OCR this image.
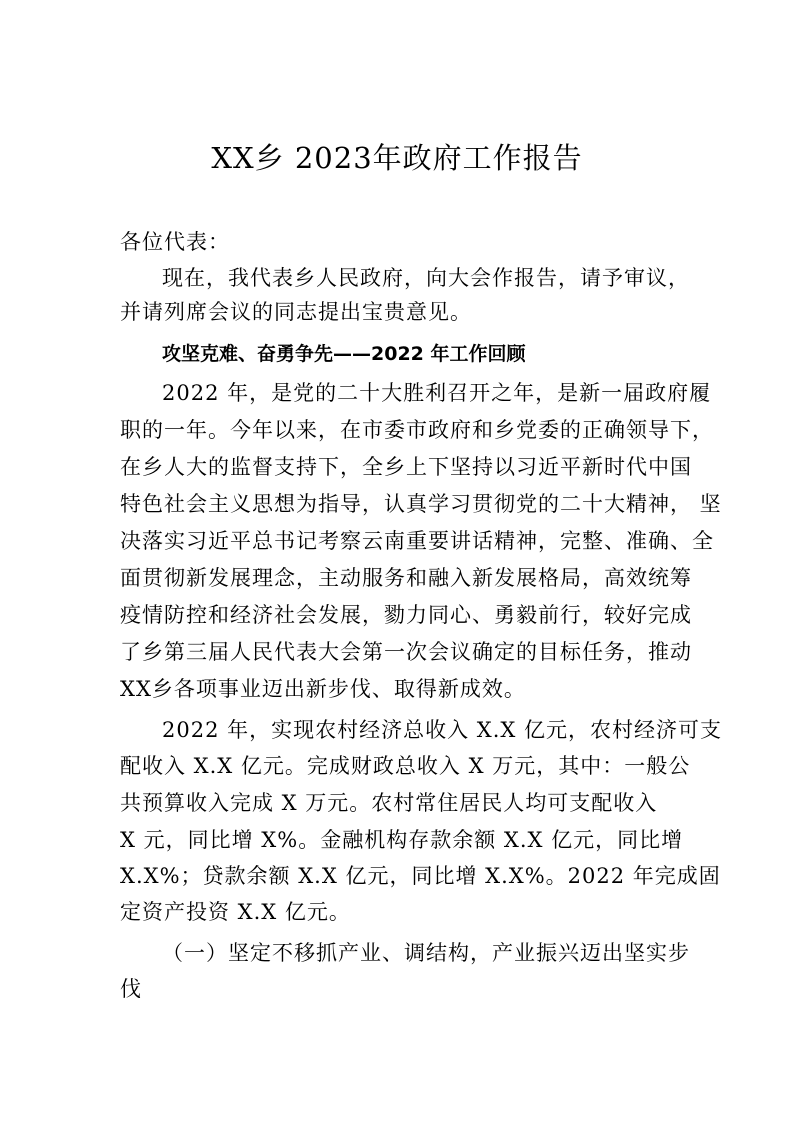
XX乡 2023年政府工作报告
各位代表：
现在，我代表乡人民政府，向大会作报告，请予审议，
并请列席会议的同志提出宝贵意见。
攻坚克难、奋勇争先——2022 年工作回顾
2022 年，是党的二十大胜利召开之年，是新一届政府履
职的一年。今年以来，在市委市政府和乡党委的正确领导下，
在乡人大的监督支持下，全乡上下坚持以习近平新时代中国
特色社会主义思想为指导，认真学习贯彻党的二十大精神， 坚
决落实习近平总书记考察云南重要讲话精神，完整、准确、全
面贯彻新发展理念，主动服务和融入新发展格局，高效统筹
疫情防控和经济社会发展，勠力同心、勇毅前行，较好完成
了乡第三届人民代表大会第一次会议确定的目标任务，推动
XX乡各项事业迈出新步伐、取得新成效。
2022 年，实现农村经济总收入 X.X 亿元，农村经济可支
配收入 X.X 亿元。完成财政总收入 X 万元，其中：一般公
共预算收入完成 X 万元。农村常住居民人均可支配收入
X 元，同比增 X%。金融机构存款余额 X.X 亿元，同比增
X.X%；贷款余额 X.X 亿元，同比增 X.X%。2022 年完成固
定资产投资 X.X 亿元。
（一）坚定不移抓产业、调结构，产业振兴迈出坚实步
伐
